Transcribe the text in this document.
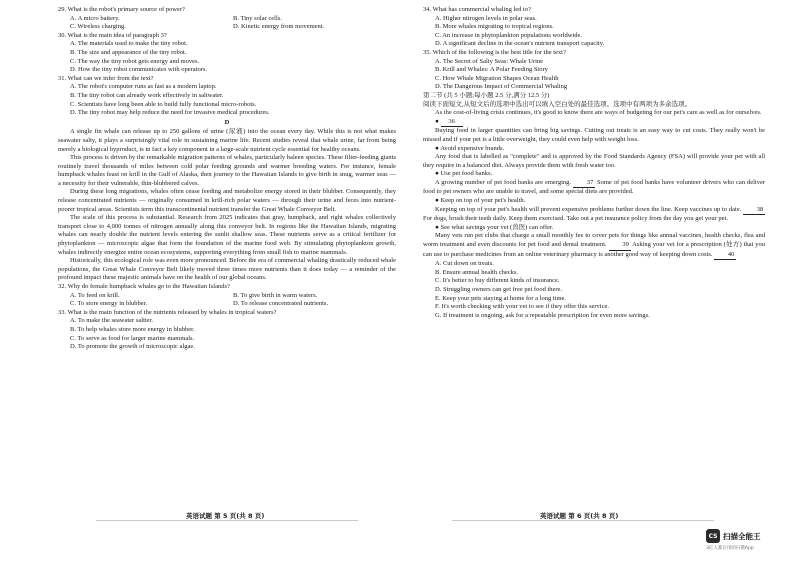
29. What is the robot's primary source of power?
A. A micro battery.	B. Tiny solar cells.
C. Wireless charging.	D. Kinetic energy from movement.
30. What is the main idea of paragraph 3?
A. The materials used to make the tiny robot.
B. The size and appearance of the tiny robot.
C. The way the tiny robot gets energy and moves.
D. How the tiny robot communicates with operators.
31. What can we infer from the text?
A. The robot's computer runs as fast as a modern laptop.
B. The tiny robot can already work effectively in saltwater.
C. Scientists have long been able to build fully functional micro-robots.
D. The tiny robot may help reduce the need for invasive medical procedures.
D
A single fin whale can release up to 250 gallons of urine (尿液) into the ocean every day. While this is not what makes seawater salty, it plays a surprisingly vital role in sustaining marine life. Recent studies reveal that whale urine, far from being merely a biological byproduct, is in fact a key component in a large-scale nutrient cycle essential for healthy oceans.
This process is driven by the remarkable migration patterns of whales, particularly baleen species. These filter-feeding giants routinely travel thousands of miles between cold polar feeding grounds and warmer breeding waters. For instance, female humpback whales feast on krill in the Gulf of Alaska, then journey to the Hawaiian Islands to give birth in snug, warmer seas — a necessity for their vulnerable, thin-blubbered calves.
During these long migrations, whales often cease feeding and metabolize energy stored in their blubber. Consequently, they release concentrated nutrients — originally consumed in krill-rich polar waters — through their urine and feces into nutrient-poorer tropical areas. Scientists term this transcontinental nutrient transfer the Great Whale Conveyor Belt.
The scale of this process is substantial. Research from 2025 indicates that gray, humpback, and right whales collectively transport close to 4,000 tonnes of nitrogen annually along this conveyor belt. In regions like the Hawaiian Islands, migrating whales can nearly double the nutrient levels entering the sunlit shallow seas. These nutrients serve as a critical fertilizer for phytoplankton — microscopic algae that form the foundation of the marine food web. By stimulating phytoplankton growth, whales indirectly energize entire ocean ecosystems, supporting everything from small fish to marine mammals.
Historically, this ecological role was even more pronounced. Before the era of commercial whaling drastically reduced whale populations, the Great Whale Conveyor Belt likely moved three times more nutrients than it does today — a reminder of the profound impact these majestic animals have on the health of our global oceans.
32. Why do female humpback whales go to the Hawaiian Islands?
A. To feed on krill.	B. To give birth in warm waters.
C. To store energy in blubber.	D. To release concentrated nutrients.
33. What is the main function of the nutrients released by whales in tropical waters?
A. To make the seawater saltier.
B. To help whales store more energy in blubber.
C. To serve as food for larger marine mammals.
D. To promote the growth of microscopic algae.
34. What has commercial whaling led to?
A. Higher nitrogen levels in polar seas.
B. More whales migrating to tropical regions.
C. An increase in phytoplankton populations worldwide.
D. A significant decline in the ocean's nutrient transport capacity.
35. Which of the following is the best title for the text?
A. The Secret of Salty Seas: Whale Urine
B. Krill and Whales: A Polar Feeding Story
C. How Whale Migration Shapes Ocean Health
D. The Dangerous Impact of Commercial Whaling
第二节 (共 5 小题;每小题 2.5 分,满分 12.5 分)
阅读下面短文,从短文后的选项中选出可以填入空白处的最佳选项。选项中有两项为多余选项。
As the cost-of-living crisis continues, it's good to know there are ways of budgeting for our pet's care as well as for ourselves.
● 36
Buying food in larger quantities can bring big savings. Cutting out treats is an easy way to cut costs. They really won't be missed and if your pet is a little overweight, they could even help with weight loss.
● Avoid expensive brands.
Any food that is labelled as "complete" and is approved by the Food Standards Agency (FSA) will provide your pet with all they require in a balanced diet. Always provide them with fresh water too.
● Use pet food banks.
A growing number of pet food banks are emerging. 37 Some of pet food banks have volunteer drivers who can deliver food to pet owners who are unable to travel, and some special diets are provided.
● Keep on top of your pet's health.
Keeping on top of your pet's health will prevent expensive problems further down the line. Keep vaccines up to date. 38 For dogs, brush their teeth daily. Keep them exercised. Take out a pet insurance policy from the day you get your pet.
● See what savings your vet (兽医) can offer.
Many vets run pet clubs that charge a small monthly fee to cover pets for things like annual vaccines, health checks, flea and worm treatment and even discounts for pet food and dental treatment. 39 Asking your vet for a prescription (处方) that you can use to purchase medicines from an online veterinary pharmacy is another good way of keeping down costs. 40
A. Cut down on treats.
B. Ensure annual health checks.
C. It's better to buy different kinds of insurance.
D. Struggling owners can get free pet food there.
E. Keep your pets staying at home for a long time.
F. It's worth checking with your vet to see if they offer this service.
G. If treatment is ongoing, ask for a repeatable prescription for even more savings.
英语试题 第 5 页(共 8 页)	英语试题 第 6 页(共 8 页)
CS 扫描全能王
3亿人都在用的扫描App
